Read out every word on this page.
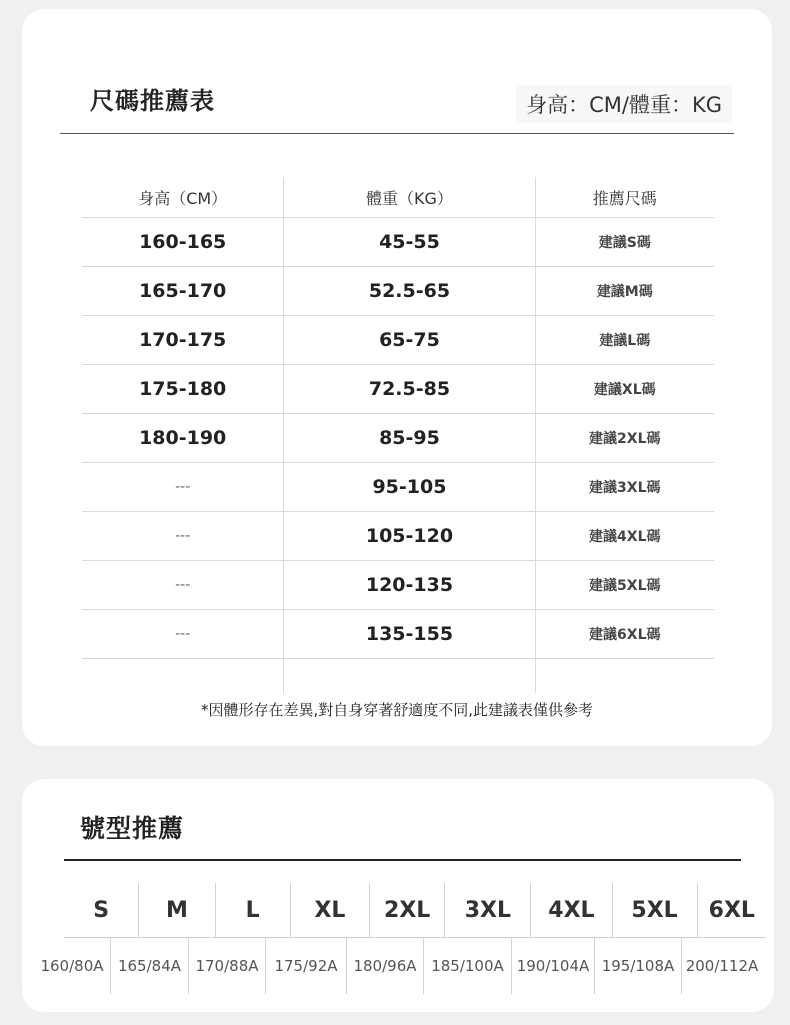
尺碼推薦表	身高：CM/體重：KG
身高（CM）	體重（KG）	推薦尺碼
160-165	45-55	建議S碼
165-170	52.5-65	建議M碼
170-175	65-75	建議L碼
175-180	72.5-85	建議XL碼
180-190	85-95	建議2XL碼
---	95-105	建議3XL碼
---	105-120	建議4XL碼
---	120-135	建議5XL碼
---	135-155	建議6XL碼
*因體形存在差異,對自身穿著舒適度不同,此建議表僅供參考
號型推薦
S	M	L	XL	2XL	3XL	4XL	5XL	6XL
160/80A 165/84A 170/88A	175/92A	180/96A 185/100A 190/104A 195/108A 200/112A
